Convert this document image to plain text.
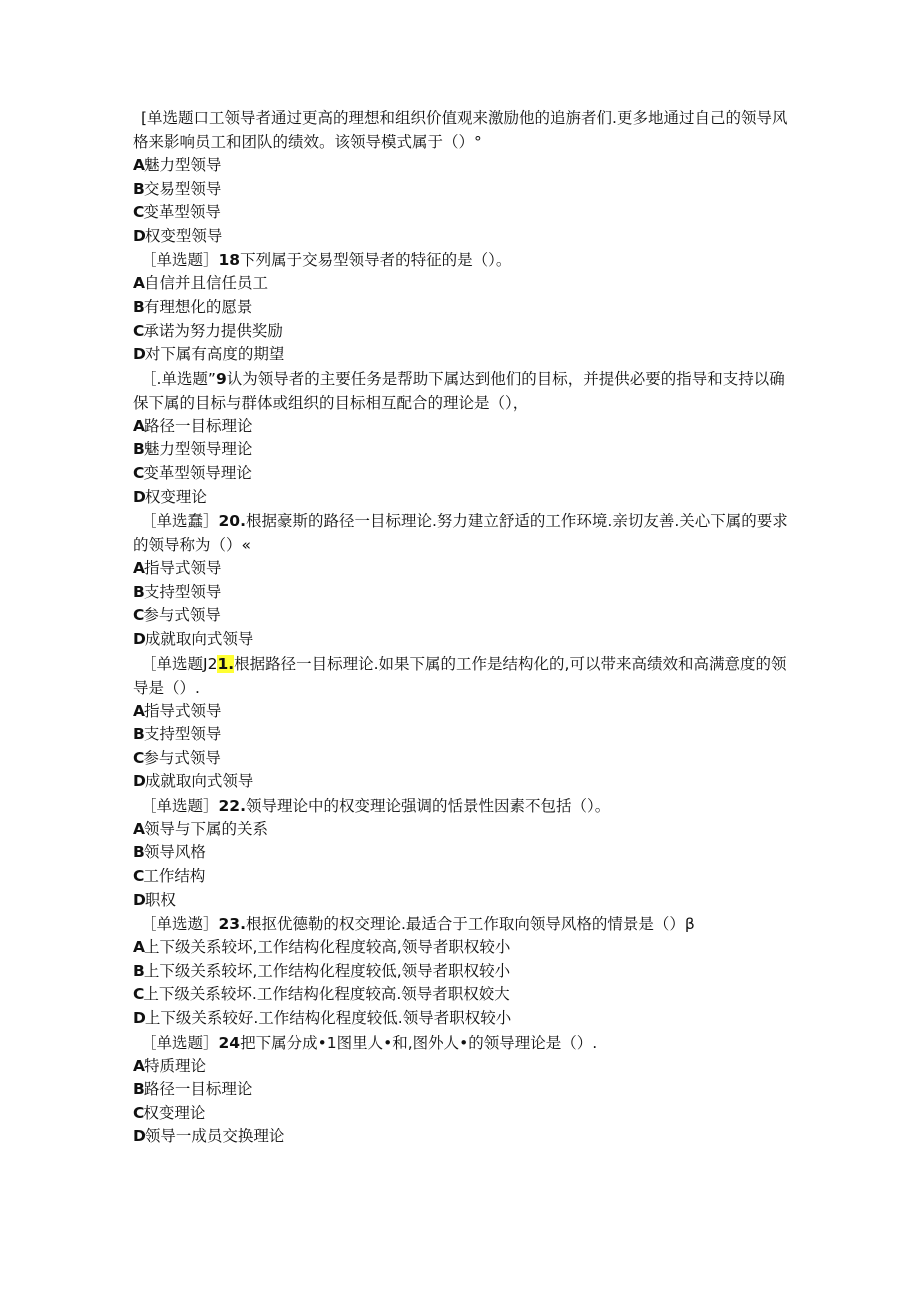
[单选题口工领导者通过更高的理想和组织价值观来激励他的追旃者们.更多地通过自己的领导风格来影响员工和团队的绩效。该领导模式属于（）°

A魅力型领导

B交易型领导

C变革型领导

D权变型领导

［单选题］18下列属于交易型领导者的特征的是（）。

A自信并且信任员工

B有理想化的愿景

C承诺为努力提供奖励

D对下属有高度的期望

［.单选题”9认为领导者的主要任务是帮助下属达到他们的目标，并提供必要的指导和支持以确保下属的目标与群体或组织的目标相互配合的理论是（），

A路径一目标理论

B魅力型领导理论

C变革型领导理论

D权变理论

［单选蠢］20.根据豪斯的路径一目标理论.努力建立舒适的工作环境.亲切友善.关心下属的要求的领导称为（）«

A指导式领导

B支持型领导

C参与式领导

D成就取向式领导

［单选题J21.根据路径一目标理论.如果下属的工作是结构化的,可以带来高绩效和高满意度的领导是（）.

A指导式领导

B支持型领导

C参与式领导

D成就取向式领导

［单选题］22.领导理论中的权变理论强调的恬景性因素不包括（）。

A领导与下属的关系

B领导风格

C工作结构

D职权

［单选遨］23.根抠优德勒的权交理论.最适合于工作取向领导风格的情景是（）β

A上下级关系较坏,工作结构化程度较高,领导者职权较小

B上下级关系较坏,工作结构化程度较低,领导者职权较小

C上下级关系较坏.工作结构化程度较高.领导者职权姣大

D上下级关系较好.工作结构化程度较低.领导者职权较小

［单选题］24把下属分成•1图里人•和,图外人•的领导理论是（）.

A特质理论

B路径一目标理论

C权变理论

D领导一成员交换理论
